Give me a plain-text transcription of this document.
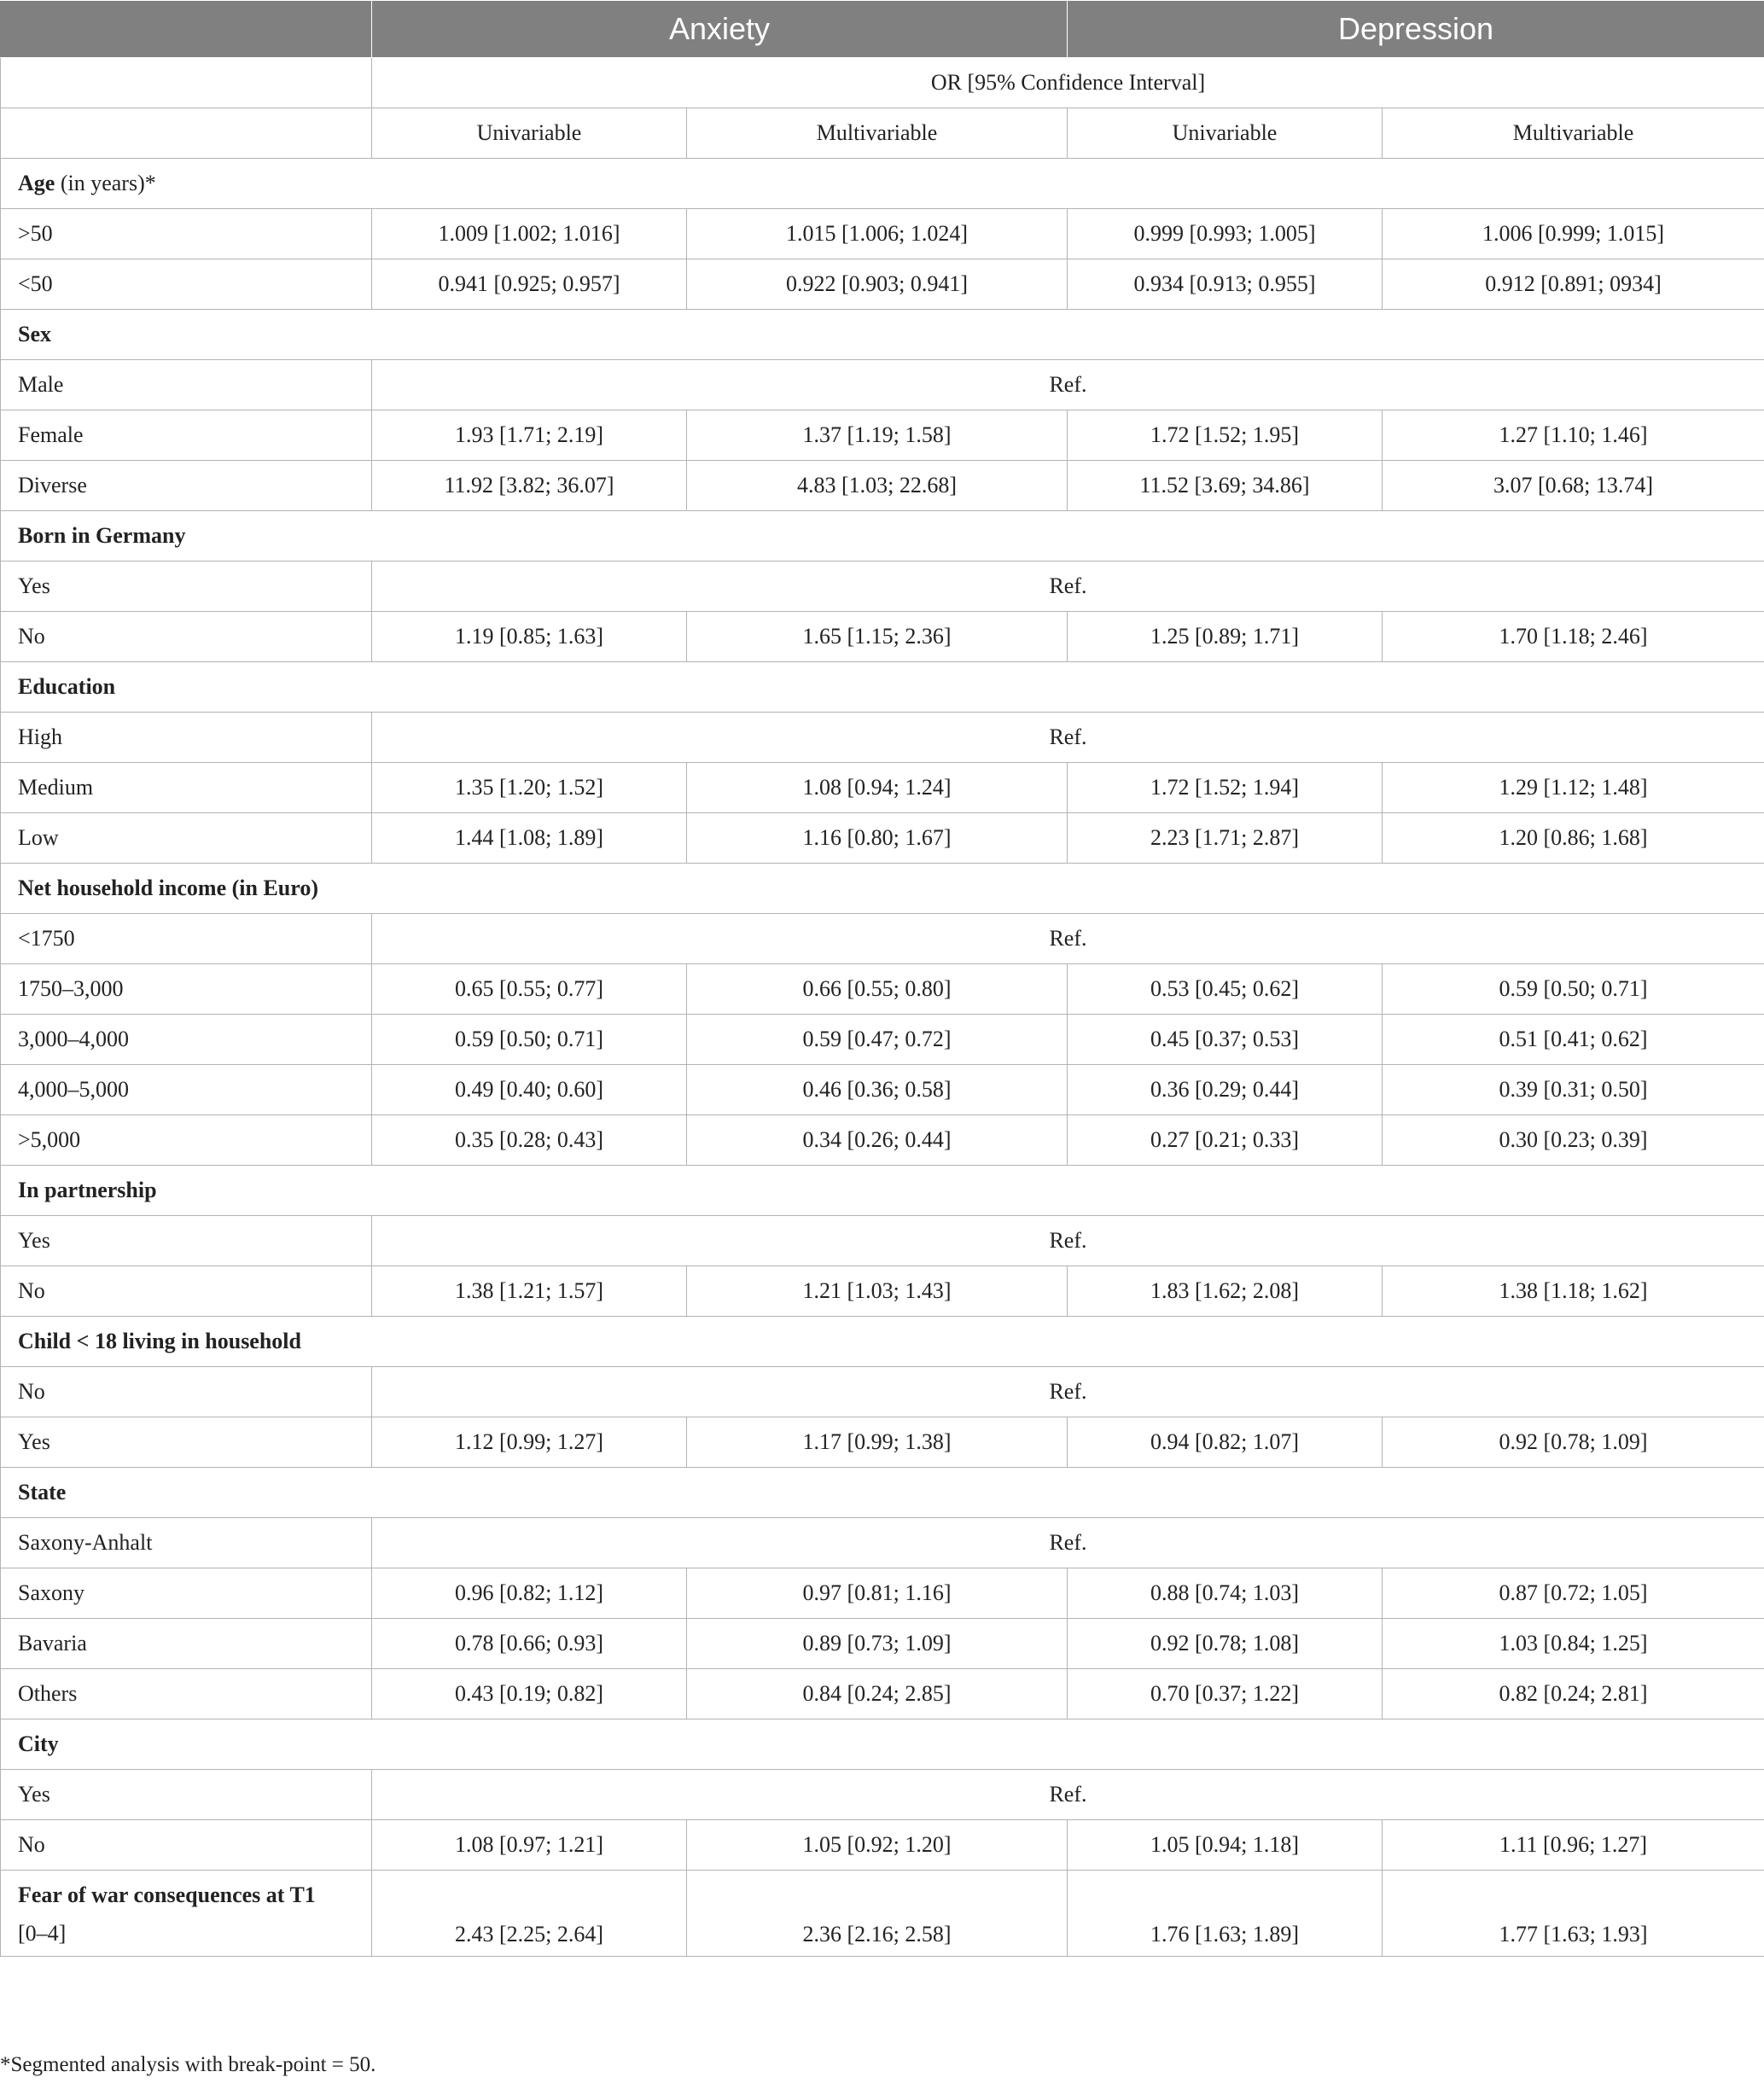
	Anxiety		Depression	
	OR [95% Confidence Interval]			
	Univariable	Multivariable	Univariable	Multivariable
Age (in years)*				
>50	1.009 [1.002; 1.016]	1.015 [1.006; 1.024]	0.999 [0.993; 1.005]	1.006 [0.999; 1.015]
<50	0.941 [0.925; 0.957]	0.922 [0.903; 0.941]	0.934 [0.913; 0.955]	0.912 [0.891; 0934]
Sex				
Male	Ref.			
Female	1.93 [1.71; 2.19]	1.37 [1.19; 1.58]	1.72 [1.52; 1.95]	1.27 [1.10; 1.46]
Diverse	11.92 [3.82; 36.07]	4.83 [1.03; 22.68]	11.52 [3.69; 34.86]	3.07 [0.68; 13.74]
Born in Germany				
Yes	Ref.			
No	1.19 [0.85; 1.63]	1.65 [1.15; 2.36]	1.25 [0.89; 1.71]	1.70 [1.18; 2.46]
Education				
High	Ref.			
Medium	1.35 [1.20; 1.52]	1.08 [0.94; 1.24]	1.72 [1.52; 1.94]	1.29 [1.12; 1.48]
Low	1.44 [1.08; 1.89]	1.16 [0.80; 1.67]	2.23 [1.71; 2.87]	1.20 [0.86; 1.68]
Net household income (in Euro)				
<1750	Ref.			
1750–3,000	0.65 [0.55; 0.77]	0.66 [0.55; 0.80]	0.53 [0.45; 0.62]	0.59 [0.50; 0.71]
3,000–4,000	0.59 [0.50; 0.71]	0.59 [0.47; 0.72]	0.45 [0.37; 0.53]	0.51 [0.41; 0.62]
4,000–5,000	0.49 [0.40; 0.60]	0.46 [0.36; 0.58]	0.36 [0.29; 0.44]	0.39 [0.31; 0.50]
>5,000	0.35 [0.28; 0.43]	0.34 [0.26; 0.44]	0.27 [0.21; 0.33]	0.30 [0.23; 0.39]
In partnership				
Yes	Ref.			
No	1.38 [1.21; 1.57]	1.21 [1.03; 1.43]	1.83 [1.62; 2.08]	1.38 [1.18; 1.62]
Child < 18 living in household				
No	Ref.			
Yes	1.12 [0.99; 1.27]	1.17 [0.99; 1.38]	0.94 [0.82; 1.07]	0.92 [0.78; 1.09]
State				
Saxony-Anhalt	Ref.			
Saxony	0.96 [0.82; 1.12]	0.97 [0.81; 1.16]	0.88 [0.74; 1.03]	0.87 [0.72; 1.05]
Bavaria	0.78 [0.66; 0.93]	0.89 [0.73; 1.09]	0.92 [0.78; 1.08]	1.03 [0.84; 1.25]
Others	0.43 [0.19; 0.82]	0.84 [0.24; 2.85]	0.70 [0.37; 1.22]	0.82 [0.24; 2.81]
City				
Yes	Ref.			
No	1.08 [0.97; 1.21]	1.05 [0.92; 1.20]	1.05 [0.94; 1.18]	1.11 [0.96; 1.27]
Fear of war consequences at T1
[0–4]	2.43 [2.25; 2.64]	2.36 [2.16; 2.58]	1.76 [1.63; 1.89]	1.77 [1.63; 1.93]
*Segmented analysis with break-point = 50.
